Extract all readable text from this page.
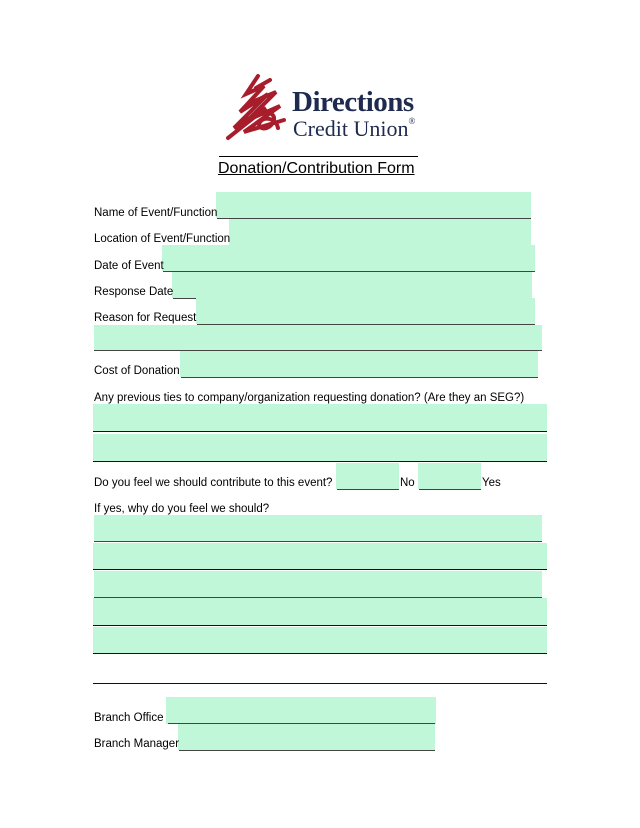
Directions
Credit Union®
Donation/Contribution Form
Name of Event/Function
Location of Event/Function
Date of Event
Response Date
Reason for Request
Cost of Donation
Any previous ties to company/organization requesting donation? (Are they an SEG?)
Do you feel we should contribute to this event?	No	Yes
If yes, why do you feel we should?
Branch Office
Branch Manager
